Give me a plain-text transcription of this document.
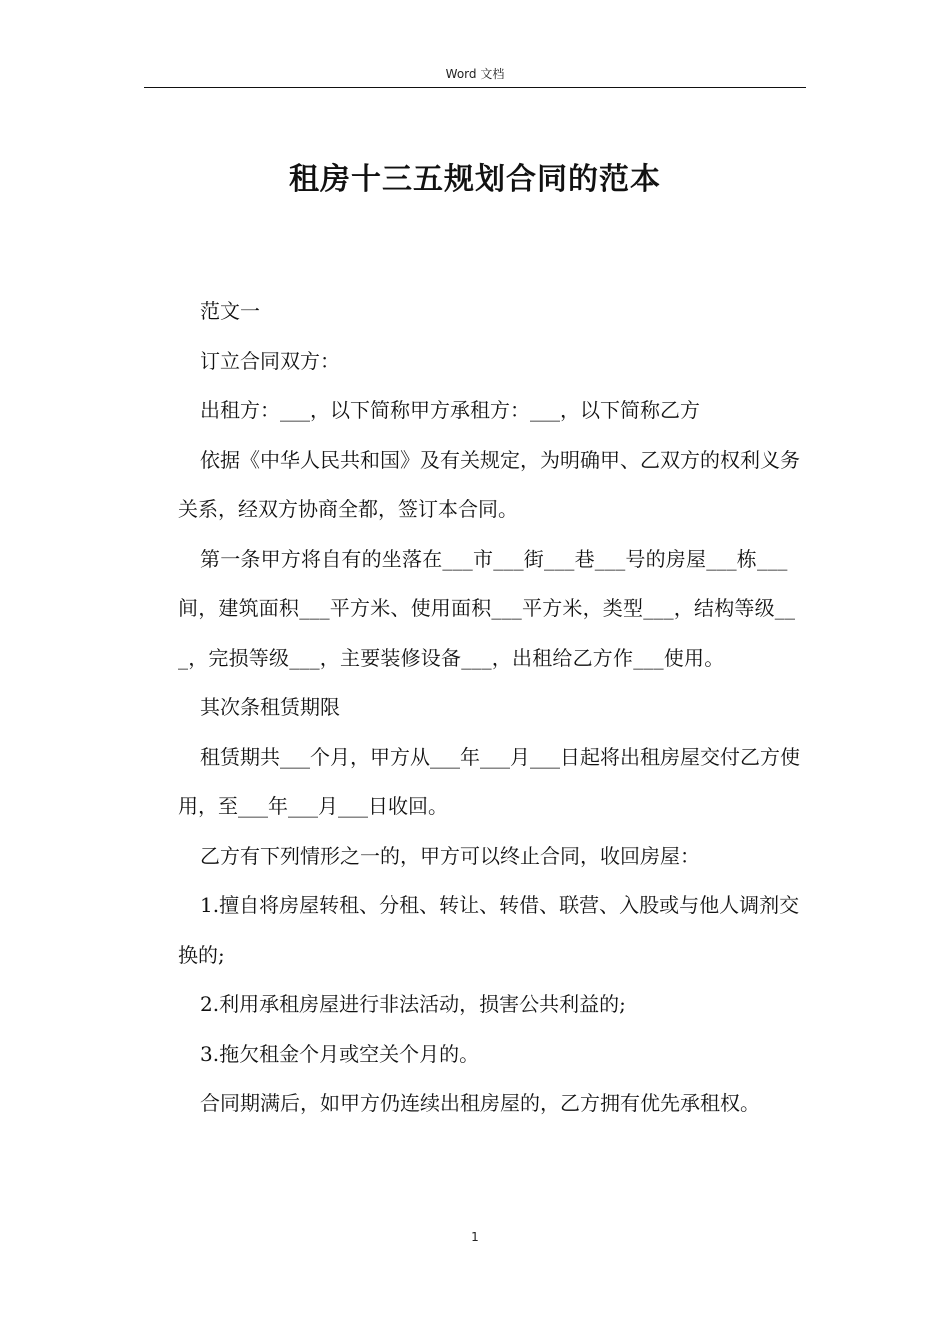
Word 文档
租房十三五规划合同的范本

范文一

订立合同双方：

出租方：___，以下简称甲方承租方：___，以下简称乙方

依据《中华人民共和国》及有关规定，为明确甲、乙双方的权利义务关系，经双方协商全都，签订本合同。

第一条甲方将自有的坐落在___市___街___巷___号的房屋___栋___间，建筑面积___平方米、使用面积___平方米，类型___，结构等级___，完损等级___，主要装修设备___，出租给乙方作___使用。

其次条租赁期限

租赁期共___个月，甲方从___年___月___日起将出租房屋交付乙方使用，至___年___月___日收回。

乙方有下列情形之一的，甲方可以终止合同，收回房屋：

1.擅自将房屋转租、分租、转让、转借、联营、入股或与他人调剂交换的;

2.利用承租房屋进行非法活动，损害公共利益的;

3.拖欠租金个月或空关个月的。

合同期满后，如甲方仍连续出租房屋的，乙方拥有优先承租权。

1
